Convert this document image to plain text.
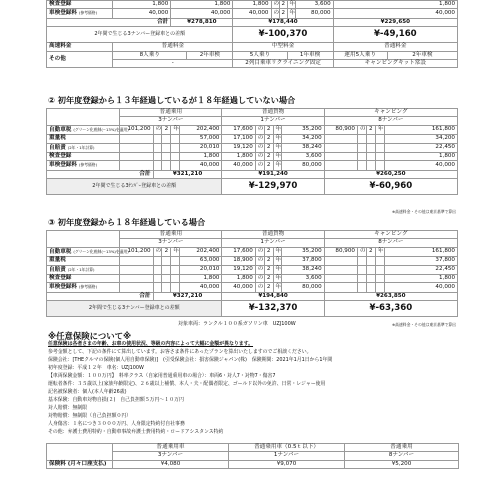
検査登録	1,800	1,800		1,800	の	2	年	3,600	1,800	
車検登録料 (参考価格)	40,000	40,000		40,000	の	2	年	80,000	40,000	
合計		¥278,810		¥178,440					¥229,650	
2年間で生じる3ナンバー登録車との差額				¥-100,370					¥-49,160	
高速料金	普通料金			中型料金					普通料金	
その他	8人乗り		2年車検	5人乗り			1年車検		運用5人乗り	2年車検
	-			2列目乗車リクライニング固定					キャンピングキット常設	
② 初年度登録から１３年経過しているが１８年経過していない場合
	普通乗用					普通貨物					キャンピング				
	3ナンバー					1ナンバー					8ナンバー				
自動車税 (グリーン化税制(~13%)を適用)	101,200	の	2	年	202,400	17,600	の	2	年	35,200	80,900	の	2	年	161,800
重量税					57,000	17,100	の	2	年	34,200					34,200
自賠責 (2年・1年計算)					20,010	19,120	の	2	年	38,240					22,450
検査登録					1,800	1,800	の	2	年	3,600					1,800
車検登録料 (参考価格)					40,000	40,000	の	2	年	80,000					40,000
合計		¥321,210				¥191,240					¥260,250				
2年間で生じる3ﾅﾝﾊﾞｰ登録車との差額						¥-129,970					¥-60,960				
※高速料金・その他は東京基準で算出
③ 初年度登録から１８年経過している場合
	普通乗用					普通貨物					キャンピング				
	3ナンバー					1ナンバー					8ナンバー				
自動車税 (グリーン化税制(~13%)を適用)	101,200	の	2	年	202,400	17,600	の	2	年	35,200	80,900	の	2	年	161,800
重量税					63,000	18,900	の	2	年	37,800					37,800
自賠責 (2年・1年計算)					20,010	19,120	の	2	年	38,240					22,450
検査登録					1,800	1,800	の	2	年	3,600					1,800
車検登録料 (参考価格)					40,000	40,000	の	2	年	80,000					40,000
合計		¥327,210				¥194,840					¥263,850				
2年間で生じる3ナンバー登録車との差額						¥-132,370					¥-63,360				
※高速料金・その他は東京基準で算出
対象車両：ランクル１００系ガソリン車　UZJ100W
※任意保険について※
任意保険は各者さまの年齢、お車の使用状況、等級の内容によって大幅に金額が異なります。
参考金額として、下記の条件にて算出しています。お客さま条件にあったプランを算出いたしますのでご相談ください。
保険会社：[THEクルマの保険(個人用自動車保険)]　(引受保険会社：損害保険ジャパン(株)　保険期間：2021年1月1日から1年間
初年度登録：平成１２年　車名：UZJ100W
【車両保険金額：１００万円】　料率クラス（自家用普通乗用車の場合）：車両6・対人7・対物7・傷害7
運転者条件：３５歳以上(家族年齢限定)、２６歳以上補償、本人・夫・配偶者限定、ゴールド以外の免許、日常・レジャー使用
記名被保険者：個人(本人年齢26歳)
基本保険：自動車対物自損(２)　自己負担額５万円～１０万円
対人賠償：無制限
対物賠償：無制限（自己負担額０円）
人身傷害：１名につき３０００万円、人身限定特約付自社事務
その他：弁護士費用特約・自動車事故弁護士費用特約・ロードアシスタンス特約
	普通乗用車	普通乗用車（0.5ｔ以下）	普通乗用
	3ナンバー	1ナンバー	8ナンバー
保険料 (月々口座支払)	¥4,080	¥9,070	¥5,200
